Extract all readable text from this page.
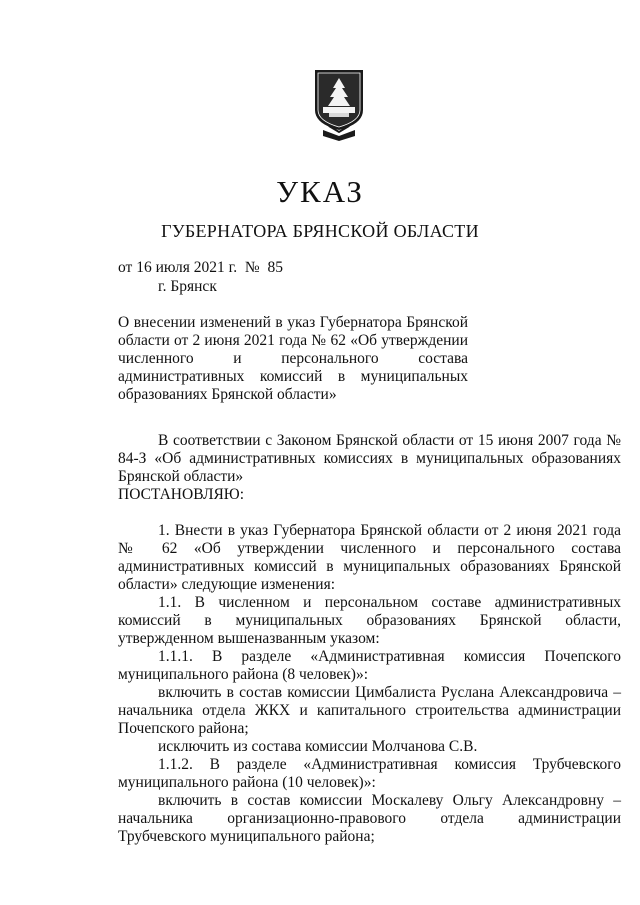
УКАЗ
ГУБЕРНАТОРА БРЯНСКОЙ ОБЛАСТИ
от 16 июля 2021 г. №  85
г. Брянск

О внесении изменений в указ Губернатора Брянской области от 2 июня 2021 года № 62 «Об утверждении численного и персонального состава административных комиссий в муниципальных образованиях Брянской области»

В соответствии с Законом Брянской области от 15 июня 2007 года № 84-З «Об административных комиссиях в муниципальных образованиях Брянской области»

ПОСТАНОВЛЯЮ:

1. Внести в указ Губернатора Брянской области от 2 июня 2021 года № 62 «Об утверждении численного и персонального состава административных комиссий в муниципальных образованиях Брянской области» следующие изменения:

1.1. В численном и персональном составе административных комиссий в муниципальных образованиях Брянской области, утвержденном вышеназванным указом:

1.1.1. В разделе «Административная комиссия Почепского муниципального района (8 человек)»:

включить в состав комиссии Цимбалиста Руслана Александровича – начальника отдела ЖКХ и капитального строительства администрации Почепского района;

исключить из состава комиссии Молчанова С.В.

1.1.2. В разделе «Административная комиссия Трубчевского муниципального района (10 человек)»:

включить в состав комиссии Москалеву Ольгу Александровну – начальника организационно-правового отдела администрации Трубчевского муниципального района;
